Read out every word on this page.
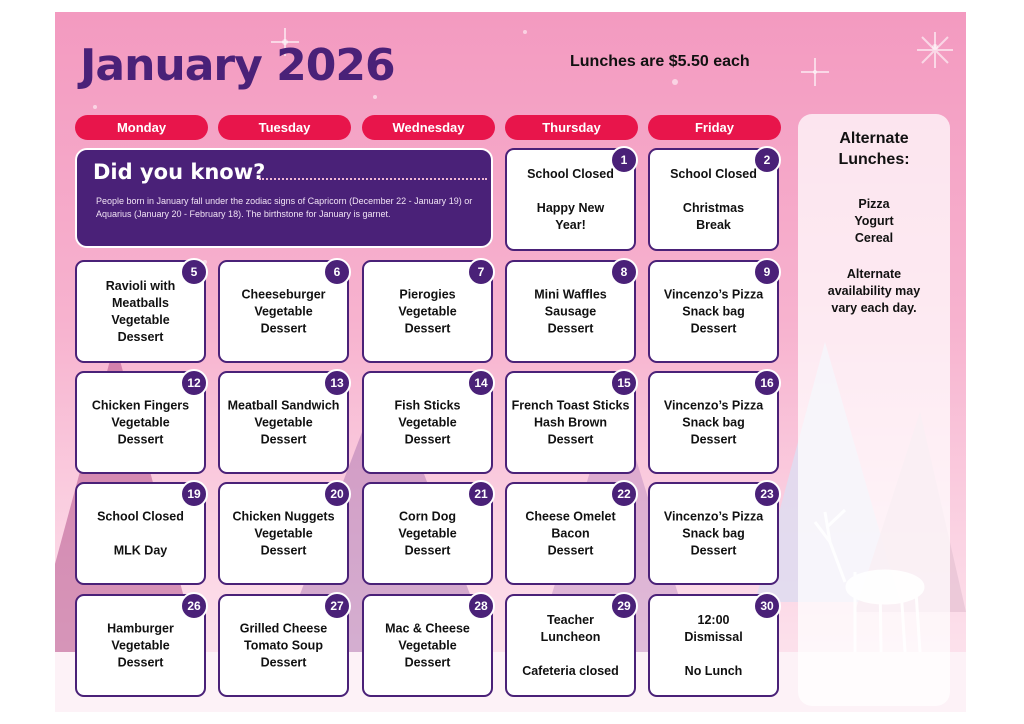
January 2026	Lunches are $5.50 each
Monday	Tuesday	Wednesday	Thursday	Friday
Did you know?
People born in January fall under the zodiac signs of Capricorn (December 22 - January 19) or Aquarius (January 20 - February 18). The birthstone for January is garnet.
1
School Closed

Happy New
Year!
2
School Closed

Christmas
Break
5
Ravioli with
Meatballs
Vegetable
Dessert
6
Cheeseburger
Vegetable
Dessert
7
Pierogies
Vegetable
Dessert
8
Mini Waffles
Sausage
Dessert
9
Vincenzo’s Pizza
Snack bag
Dessert
12
Chicken Fingers
Vegetable
Dessert
13
Meatball Sandwich
Vegetable
Dessert
14
Fish Sticks
Vegetable
Dessert
15
French Toast Sticks
Hash Brown
Dessert
16
Vincenzo’s Pizza
Snack bag
Dessert
19
School Closed

MLK Day
20
Chicken Nuggets
Vegetable
Dessert
21
Corn Dog
Vegetable
Dessert
22
Cheese Omelet
Bacon
Dessert
23
Vincenzo’s Pizza
Snack bag
Dessert
26
Hamburger
Vegetable
Dessert
27
Grilled Cheese
Tomato Soup
Dessert
28
Mac & Cheese
Vegetable
Dessert
29
Teacher
Luncheon

Cafeteria closed
30
12:00
Dismissal

No Lunch
Alternate
Lunches:
Pizza
Yogurt
Cereal
Alternate
availability may
vary each day.
